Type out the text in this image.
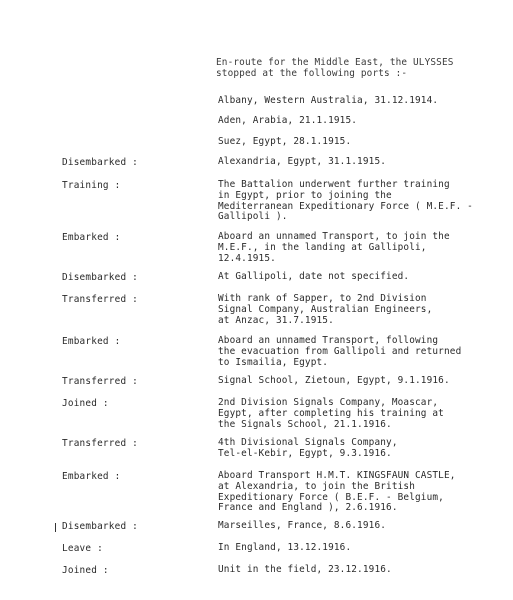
En-route for the Middle East, the ULYSSES
stopped at the following ports :-
Albany, Western Australia, 31.12.1914.
Aden, Arabia, 21.1.1915.
Suez, Egypt, 28.1.1915.
Disembarked :	Alexandria, Egypt, 31.1.1915.
Training :	The Battalion underwent further training
in Egypt, prior to joining the
Mediterranean Expeditionary Force ( M.E.F. -
Gallipoli ).
Embarked :	Aboard an unnamed Transport, to join the
M.E.F., in the landing at Gallipoli,
12.4.1915.
Disembarked :	At Gallipoli, date not specified.
Transferred :	With rank of Sapper, to 2nd Division
Signal Company, Australian Engineers,
at Anzac, 31.7.1915.
Embarked :	Aboard an unnamed Transport, following
the evacuation from Gallipoli and returned
to Ismailia, Egypt.
Transferred :	Signal School, Zietoun, Egypt, 9.1.1916.
Joined :	2nd Division Signals Company, Moascar,
Egypt, after completing his training at
the Signals School, 21.1.1916.
Transferred :	4th Divisional Signals Company,
Tel-el-Kebir, Egypt, 9.3.1916.
Embarked :	Aboard Transport H.M.T. KINGSFAUN CASTLE,
at Alexandria, to join the British
Expeditionary Force ( B.E.F. - Belgium,
France and England ), 2.6.1916.
Disembarked :	Marseilles, France, 8.6.1916.
Leave :	In England, 13.12.1916.
Joined :	Unit in the field, 23.12.1916.
